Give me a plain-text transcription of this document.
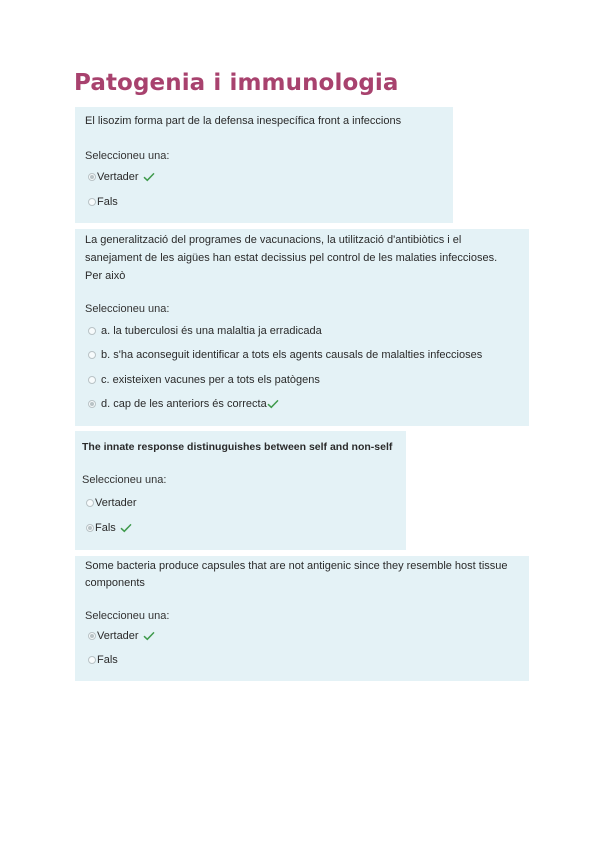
Patogenia i immunologia
El lisozim forma part de la defensa inespecífica front a infeccions
Seleccioneu una:
Vertader
Fals
La generalització del programes de vacunacions, la utilització d'antibiòtics i el
sanejament de les aigües han estat decissius pel control de les malaties infeccioses.
Per això
Seleccioneu una:
a. la tuberculosi és una malaltia ja erradicada
b. s'ha aconseguit identificar a tots els agents causals de malalties infeccioses
c. existeixen vacunes per a tots els patògens
d. cap de les anteriors és correcta
The innate response distinuguishes between self and non-self
Seleccioneu una:
Vertader
Fals
Some bacteria produce capsules that are not antigenic since they resemble host tissue
components
Seleccioneu una:
Vertader
Fals
